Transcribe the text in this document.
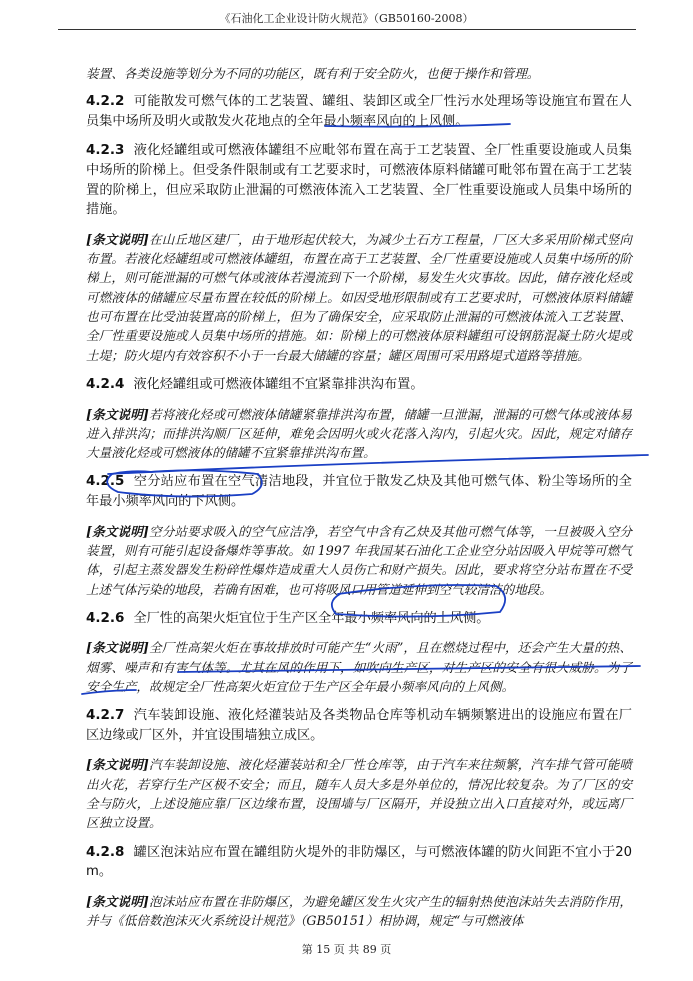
《石油化工企业设计防火规范》（GB50160-2008）

装置、各类设施等划分为不同的功能区，既有利于安全防火，也便于操作和管理。

4.2.2 可能散发可燃气体的工艺装置、罐组、装卸区或全厂性污水处理场等设施宜布置在人员集中场所及明火或散发火花地点的全年最小频率风向的上风侧。

4.2.3 液化烃罐组或可燃液体罐组不应毗邻布置在高于工艺装置、全厂性重要设施或人员集中场所的阶梯上。但受条件限制或有工艺要求时，可燃液体原料储罐可毗邻布置在高于工艺装置的阶梯上，但应采取防止泄漏的可燃液体流入工艺装置、全厂性重要设施或人员集中场所的措施。

[条文说明]在山丘地区建厂，由于地形起伏较大，为减少土石方工程量，厂区大多采用阶梯式竖向布置。若液化烃罐组或可燃液体罐组，布置在高于工艺装置、全厂性重要设施或人员集中场所的阶梯上，则可能泄漏的可燃气体或液体若漫流到下一个阶梯，易发生火灾事故。因此，储存液化烃或可燃液体的储罐应尽量布置在较低的阶梯上。如因受地形限制或有工艺要求时，可燃液体原料储罐也可布置在比受油装置高的阶梯上，但为了确保安全，应采取防止泄漏的可燃液体流入工艺装置、全厂性重要设施或人员集中场所的措施。如：阶梯上的可燃液体原料罐组可设钢筋混凝土防火堤或土堤；防火堤内有效容积不小于一台最大储罐的容量；罐区周围可采用路堤式道路等措施。

4.2.4 液化烃罐组或可燃液体罐组不宜紧靠排洪沟布置。

[条文说明]若将液化烃或可燃液体储罐紧靠排洪沟布置，储罐一旦泄漏，泄漏的可燃气体或液体易进入排洪沟；而排洪沟顺厂区延伸，难免会因明火或火花落入沟内，引起火灾。因此，规定对储存大量液化烃或可燃液体的储罐不宜紧靠排洪沟布置。

4.2.5 空分站应布置在空气清洁地段，并宜位于散发乙炔及其他可燃气体、粉尘等场所的全年最小频率风向的下风侧。

[条文说明]空分站要求吸入的空气应洁净，若空气中含有乙炔及其他可燃气体等，一旦被吸入空分装置，则有可能引起设备爆炸等事故。如 1997 年我国某石油化工企业空分站因吸入甲烷等可燃气体，引起主蒸发器发生粉碎性爆炸造成重大人员伤亡和财产损失。因此，要求将空分站布置在不受上述气体污染的地段，若确有困难，也可将吸风口用管道延伸到空气较清洁的地段。

4.2.6 全厂性的高架火炬宜位于生产区全年最小频率风向的上风侧。

[条文说明]全厂性高架火炬在事故排放时可能产生“火雨”，且在燃烧过程中，还会产生大量的热、烟雾、噪声和有害气体等。尤其在风的作用下，如吹向生产区，对生产区的安全有很大威胁。为了安全生产，故规定全厂性高架火炬宜位于生产区全年最小频率风向的上风侧。

4.2.7 汽车装卸设施、液化烃灌装站及各类物品仓库等机动车辆频繁进出的设施应布置在厂区边缘或厂区外，并宜设围墙独立成区。

[条文说明]汽车装卸设施、液化烃灌装站和全厂性仓库等，由于汽车来往频繁，汽车排气管可能喷出火花，若穿行生产区极不安全；而且，随车人员大多是外单位的，情况比较复杂。为了厂区的安全与防火，上述设施应靠厂区边缘布置，设围墙与厂区隔开，并设独立出入口直接对外，或远离厂区独立设置。

4.2.8 罐区泡沫站应布置在罐组防火堤外的非防爆区，与可燃液体罐的防火间距不宜小于20m。

[条文说明]泡沫站应布置在非防爆区，为避免罐区发生火灾产生的辐射热使泡沫站失去消防作用，并与《低倍数泡沫灭火系统设计规范》（GB50151）相协调，规定“与可燃液体

第 15 页 共 89 页
